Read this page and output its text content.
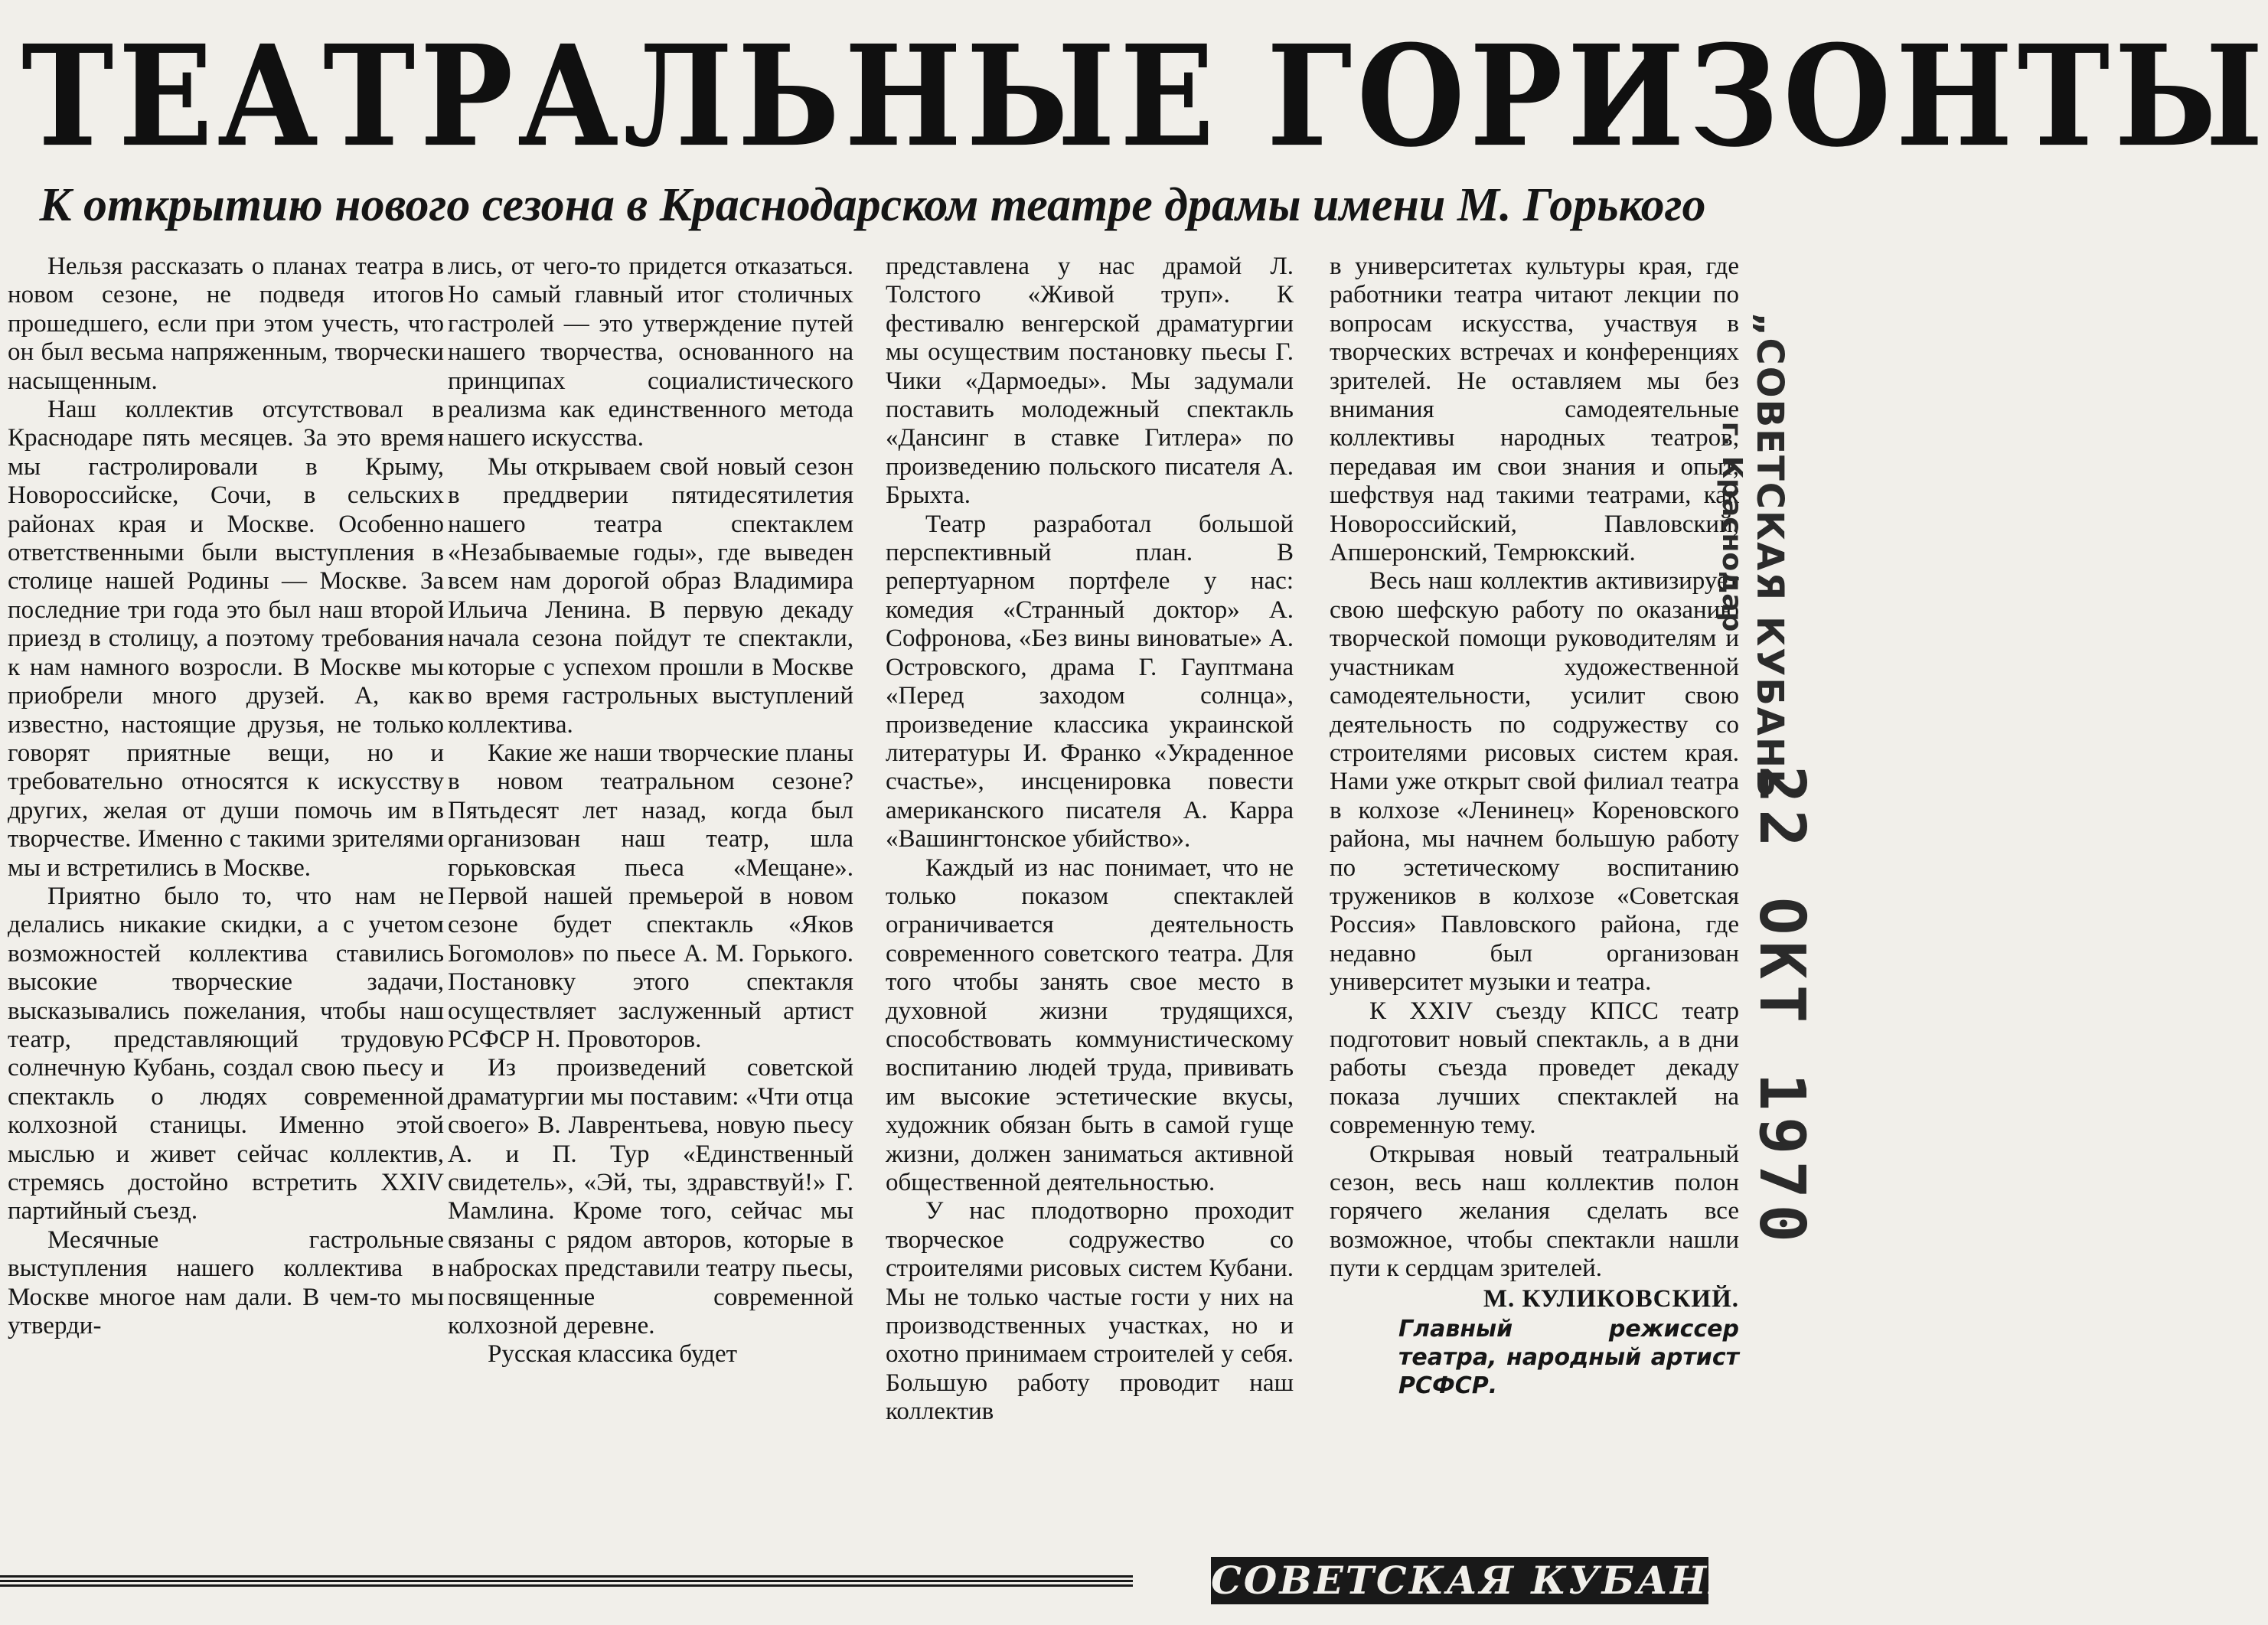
ТЕАТРАЛЬНЫЕ ГОРИЗОНТЫ
К открытию нового сезона в Краснодарском театре драмы имени М. Горького

Нельзя рассказать о планах театра в новом сезоне, не подведя итогов прошедшего, если при этом учесть, что он был весьма напряженным, творчески насыщенным.

Наш коллектив отсутствовал в Краснодаре пять месяцев. За это время мы гастролировали в Крыму, Новороссийске, Сочи, в сельских районах края и Москве. Особенно ответственными были выступления в столице нашей Родины — Москве. За последние три года это был наш второй приезд в столицу, а поэтому требования к нам намного возросли. В Москве мы приобрели много друзей. А, как известно, настоящие друзья, не только говорят приятные вещи, но и требовательно относятся к искусству других, желая от души помочь им в творчестве. Именно с такими зрителями мы и встретились в Москве.

Приятно было то, что нам не делались никакие скидки, а с учетом возможностей коллектива ставились высокие творческие задачи, высказывались пожелания, чтобы наш театр, представляющий трудовую солнечную Кубань, создал свою пьесу и спектакль о людях современной колхозной станицы. Именно этой мыслью и живет сейчас коллектив, стремясь достойно встретить XXIV партийный съезд.

Месячные гастрольные выступления нашего коллектива в Москве многое нам дали. В чем-то мы утверди-

лись, от чего-то придется отказаться. Но самый главный итог столичных гастролей — это утверждение путей нашего творчества, основанного на принципах социалистического реализма как единственного метода нашего искусства.

Мы открываем свой новый сезон в преддверии пятидесятилетия нашего театра спектаклем «Незабываемые годы», где выведен всем нам дорогой образ Владимира Ильича Ленина. В первую декаду начала сезона пойдут те спектакли, которые с успехом прошли в Москве во время гастрольных выступлений коллектива.

Какие же наши творческие планы в новом театральном сезоне? Пятьдесят лет назад, когда был организован наш театр, шла горьковская пьеса «Мещане». Первой нашей премьерой в новом сезоне будет спектакль «Яков Богомолов» по пьесе А. М. Горького. Постановку этого спектакля осуществляет заслуженный артист РСФСР Н. Провоторов.

Из произведений советской драматургии мы поставим: «Чти отца своего» В. Лаврентьева, новую пьесу А. и П. Тур «Единственный свидетель», «Эй, ты, здравствуй!» Г. Мамлина. Кроме того, сейчас мы связаны с рядом авторов, которые в набросках представили театру пьесы, посвященные современной колхозной деревне.

Русская классика будет

представлена у нас драмой Л. Толстого «Живой труп». К фестивалю венгерской драматургии мы осуществим постановку пьесы Г. Чики «Дармоеды». Мы задумали поставить молодежный спектакль «Дансинг в ставке Гитлера» по произведению польского писателя А. Брыхта.

Театр разработал большой перспективный план. В репертуарном портфеле у нас: комедия «Странный доктор» А. Софронова, «Без вины виноватые» А. Островского, драма Г. Гауптмана «Перед заходом солнца», произведение классика украинской литературы И. Франко «Украденное счастье», инсценировка повести американского писателя А. Карра «Вашингтонское убийство».

Каждый из нас понимает, что не только показом спектаклей ограничивается деятельность современного советского театра. Для того чтобы занять свое место в духовной жизни трудящихся, способствовать коммунистическому воспитанию людей труда, прививать им высокие эстетические вкусы, художник обязан быть в самой гуще жизни, должен заниматься активной общественной деятельностью.

У нас плодотворно проходит творческое содружество со строителями рисовых систем Кубани. Мы не только частые гости у них на производственных участках, но и охотно принимаем строителей у себя. Большую работу проводит наш коллектив

в университетах культуры края, где работники театра читают лекции по вопросам искусства, участвуя в творческих встречах и конференциях зрителей. Не оставляем мы без внимания самодеятельные коллективы народных театров, передавая им свои знания и опыт, шефствуя над такими театрами, как Новороссийский, Павловский, Апшеронский, Темрюкский.

Весь наш коллектив активизирует свою шефскую работу по оказанию творческой помощи руководителям и участникам художественной самодеятельности, усилит свою деятельность по содружеству со строителями рисовых систем края. Нами уже открыт свой филиал театра в колхозе «Ленинец» Кореновского района, мы начнем большую работу по эстетическому воспитанию тружеников в колхозе «Советская Россия» Павловского района, где недавно был организован университет музыки и театра.

К XXIV съезду КПСС театр подготовит новый спектакль, а в дни работы съезда проведет декаду показа лучших спектаклей на современную тему.

Открывая новый театральный сезон, весь наш коллектив полон горячего желания сделать все возможное, чтобы спектакли нашли пути к сердцам зрителей.

М. КУЛИКОВСКИЙ.
Главный режиссер театра, народный артист РСФСР.
СОВЕТСКАЯ КУБАНЬ
„СОВЕТСКАЯ КУБАНЬ
г. Краснодар
22 ОКТ 1970
